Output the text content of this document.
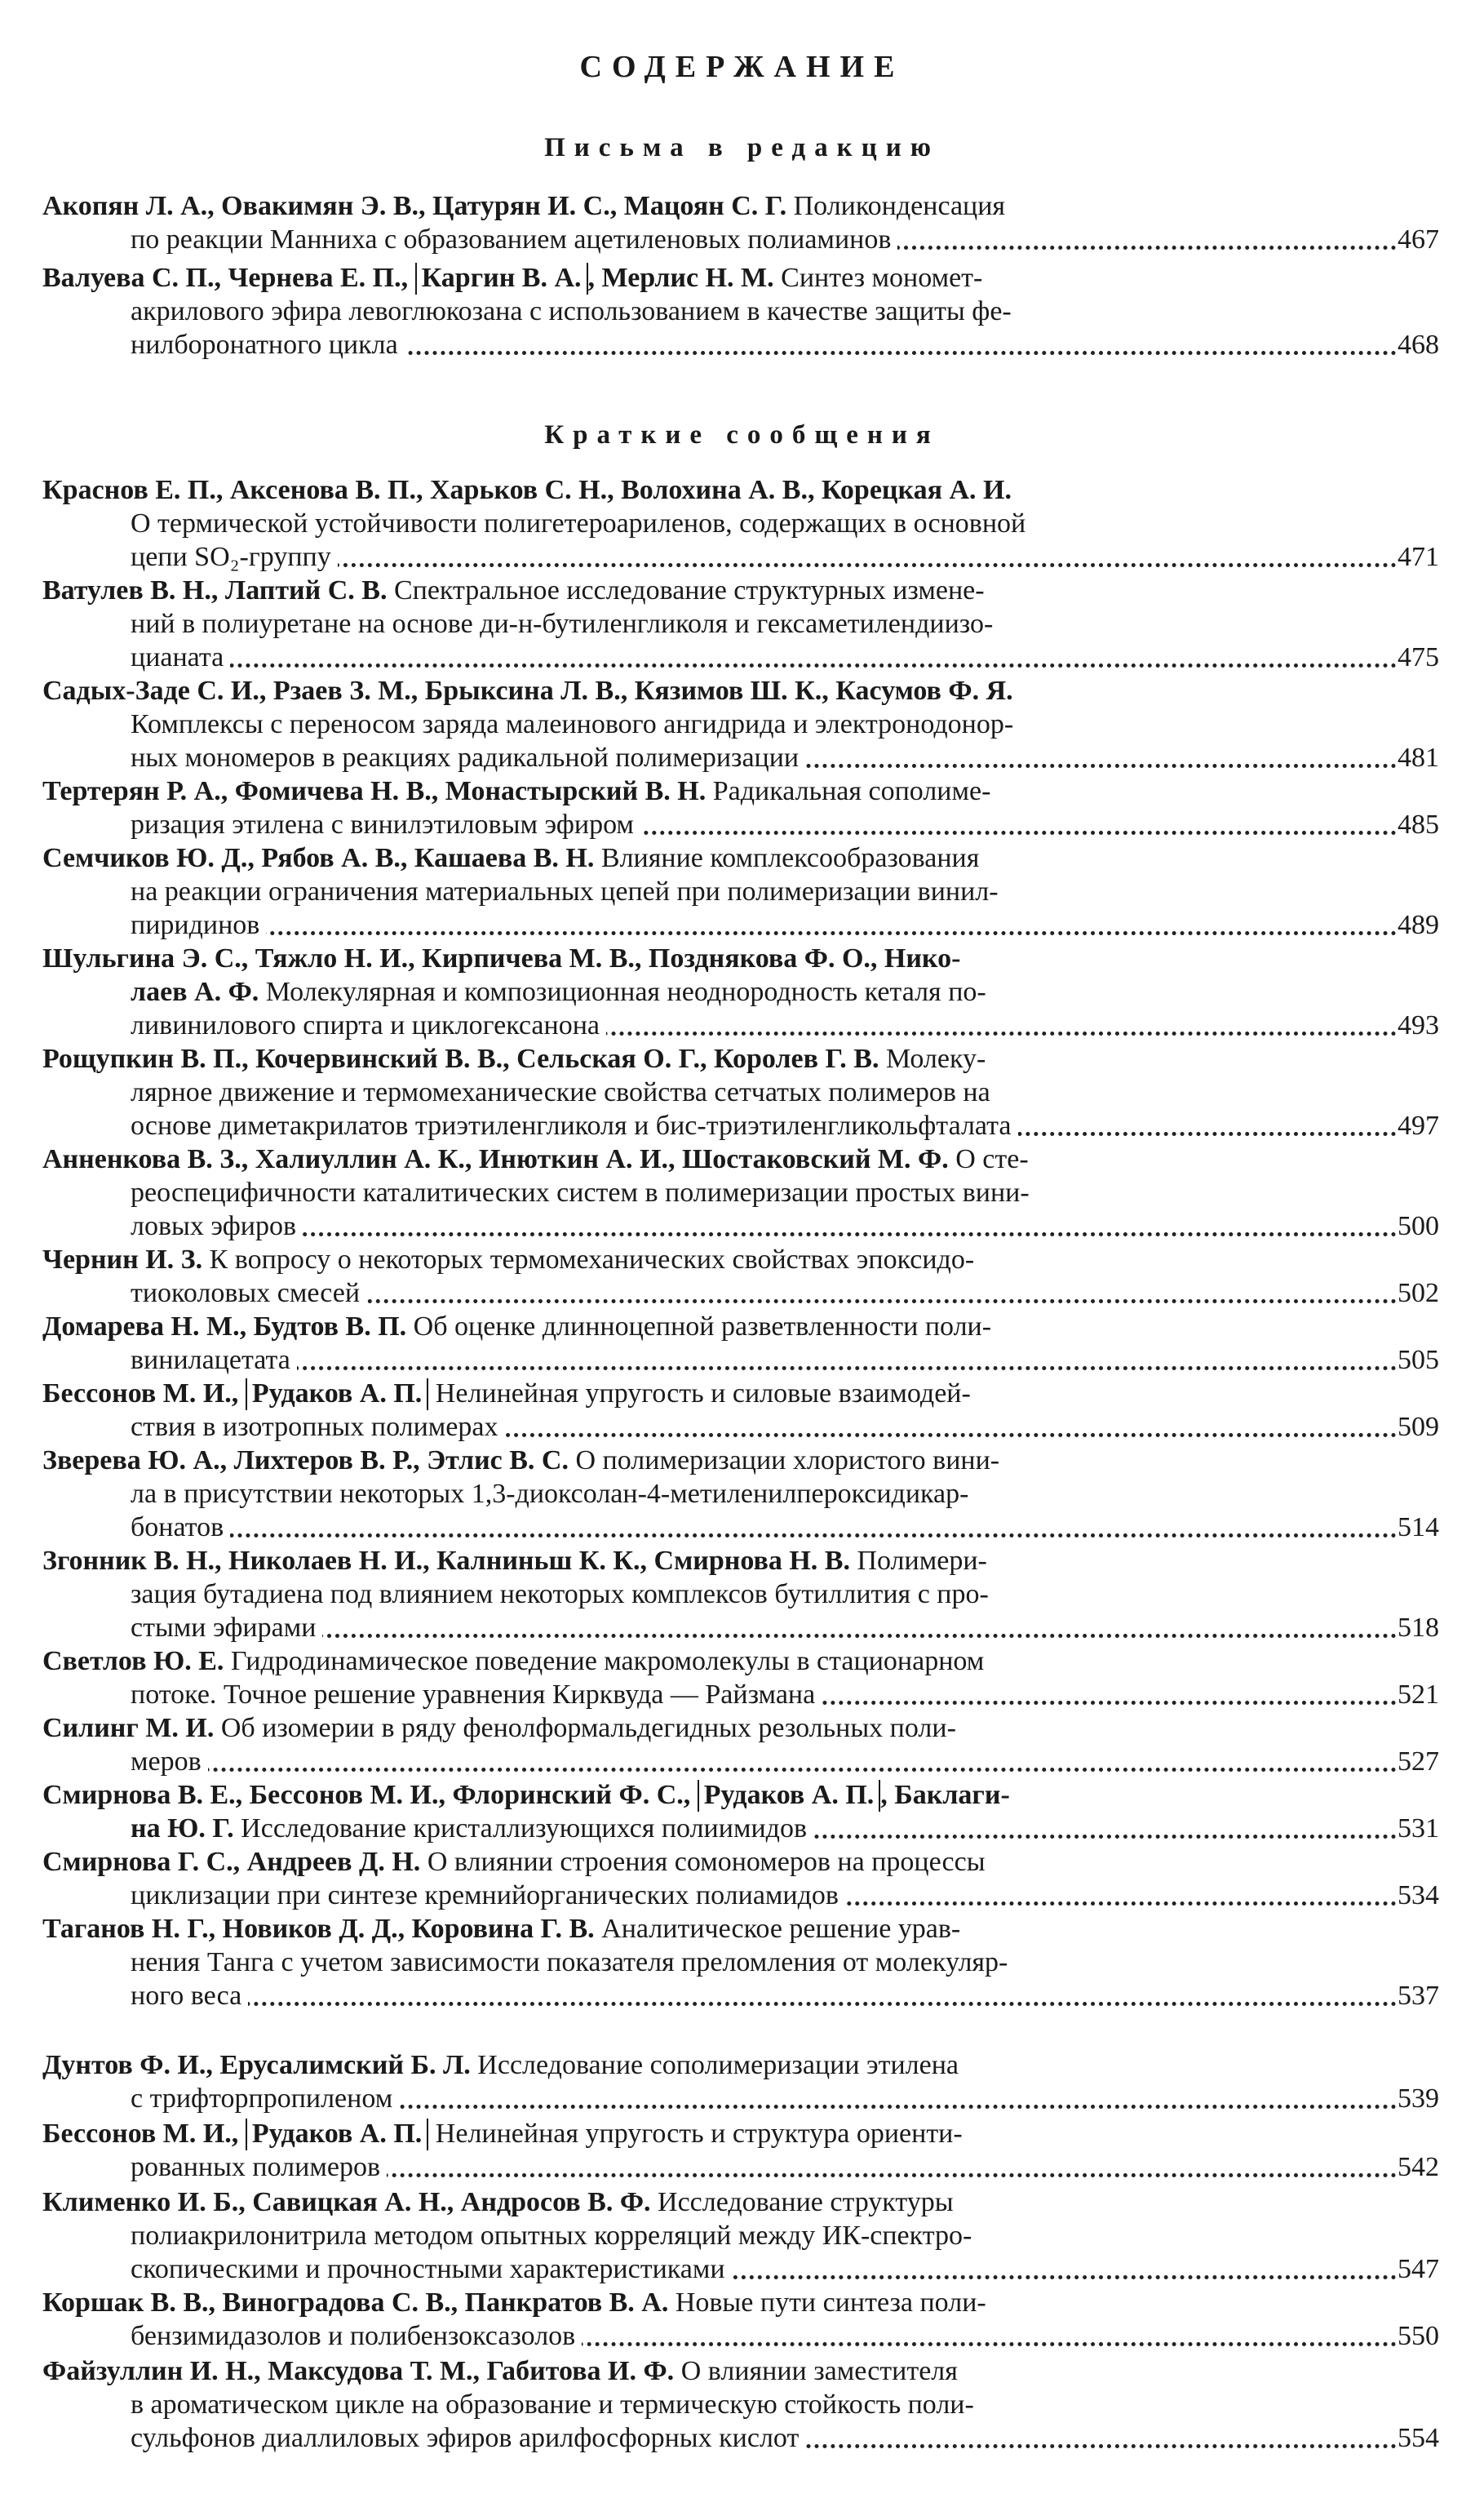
СОДЕРЖАНИЕ
Письма в редакцию
Акопян Л. А., Овакимян Э. В., Цатурян И. С., Мацоян С. Г. Поликонденсация
по реакции Манниха с образованием ацетиленовых полиаминов	467
Валуева С. П., Чернева Е. П., Каргин В. А. , Мерлис Н. М. Синтез мономет-
акрилового эфира левоглюкозана с использованием в качестве защиты фе-
нилборонатного цикла	468
Краткие сообщения
Краснов Е. П., Аксенова В. П., Харьков С. Н., Волохина А. В., Корецкая А. И.
О термической устойчивости полигетероариленов, содержащих в основной
цепи SO₂-группу	471
Ватулев В. Н., Лаптий С. В. Спектральное исследование структурных измене-
ний в полиуретане на основе ди-н-бутиленгликоля и гексаметилендиизо-
цианата	475
Садых-Заде С. И., Рзаев З. М., Брыксина Л. В., Кязимов Ш. К., Касумов Ф. Я.
Комплексы с переносом заряда малеинового ангидрида и электронодонор-
ных мономеров в реакциях радикальной полимеризации	481
Тертерян Р. А., Фомичева Н. В., Монастырский В. Н. Радикальная сополиме-
ризация этилена с винилэтиловым эфиром	485
Семчиков Ю. Д., Рябов А. В., Кашаева В. Н. Влияние комплексообразования
на реакции ограничения материальных цепей при полимеризации винил-
пиридинов	489
Шульгина Э. С., Тяжло Н. И., Кирпичева М. В., Позднякова Ф. О., Нико-
лаев А. Ф. Молекулярная и композиционная неоднородность кеталя по-
ливинилового спирта и циклогексанона	493
Рощупкин В. П., Кочервинский В. В., Сельская О. Г., Королев Г. В. Молеку-
лярное движение и термомеханические свойства сетчатых полимеров на
основе диметакрилатов триэтиленгликоля и бис-триэтиленгликольфталата	497
Анненкова В. З., Халиуллин А. К., Инюткин А. И., Шостаковский М. Ф. О сте-
реоспецифичности каталитических систем в полимеризации простых вини-
ловых эфиров	500
Чернин И. З. К вопросу о некоторых термомеханических свойствах эпоксидо-
тиоколовых смесей	502
Домарева Н. М., Будтов В. П. Об оценке длинноцепной разветвленности поли-
винилацетата	505
Бессонов М. И., Рудаков А. П. Нелинейная упругость и силовые взаимодей-
ствия в изотропных полимерах	509
Зверева Ю. А., Лихтеров В. Р., Этлис В. С. О полимеризации хлористого вини-
ла в присутствии некоторых 1,3-диоксолан-4-метиленилпероксидикар-
бонатов	514
Згонник В. Н., Николаев Н. И., Калниньш К. К., Смирнова Н. В. Полимери-
зация бутадиена под влиянием некоторых комплексов бутиллития с про-
стыми эфирами	518
Светлов Ю. Е. Гидродинамическое поведение макромолекулы в стационарном
потоке. Точное решение уравнения Кирквуда — Райзмана	521
Силинг М. И. Об изомерии в ряду фенолформальдегидных резольных поли-
меров	527
Смирнова В. Е., Бессонов М. И., Флоринский Ф. С., Рудаков А. П. , Баклаги-
на Ю. Г. Исследование кристаллизующихся полиимидов	531
Смирнова Г. С., Андреев Д. Н. О влиянии строения сомономеров на процессы
циклизации при синтезе кремнийорганических полиамидов	534
Таганов Н. Г., Новиков Д. Д., Коровина Г. В. Аналитическое решение урав-
нения Танга с учетом зависимости показателя преломления от молекуляр-
ного веса	537
Дунтов Ф. И., Ерусалимский Б. Л. Исследование сополимеризации этилена
с трифторпропиленом	539
Бессонов М. И., Рудаков А. П. Нелинейная упругость и структура ориенти-
рованных полимеров	542
Клименко И. Б., Савицкая А. Н., Андросов В. Ф. Исследование структуры
полиакрилонитрила методом опытных корреляций между ИК-спектро-
скопическими и прочностными характеристиками	547
Коршак В. В., Виноградова С. В., Панкратов В. А. Новые пути синтеза поли-
бензимидазолов и полибензоксазолов	550
Файзуллин И. Н., Максудова Т. М., Габитова И. Ф. О влиянии заместителя
в ароматическом цикле на образование и термическую стойкость поли-
сульфонов диаллиловых эфиров арилфосфорных кислот	554
